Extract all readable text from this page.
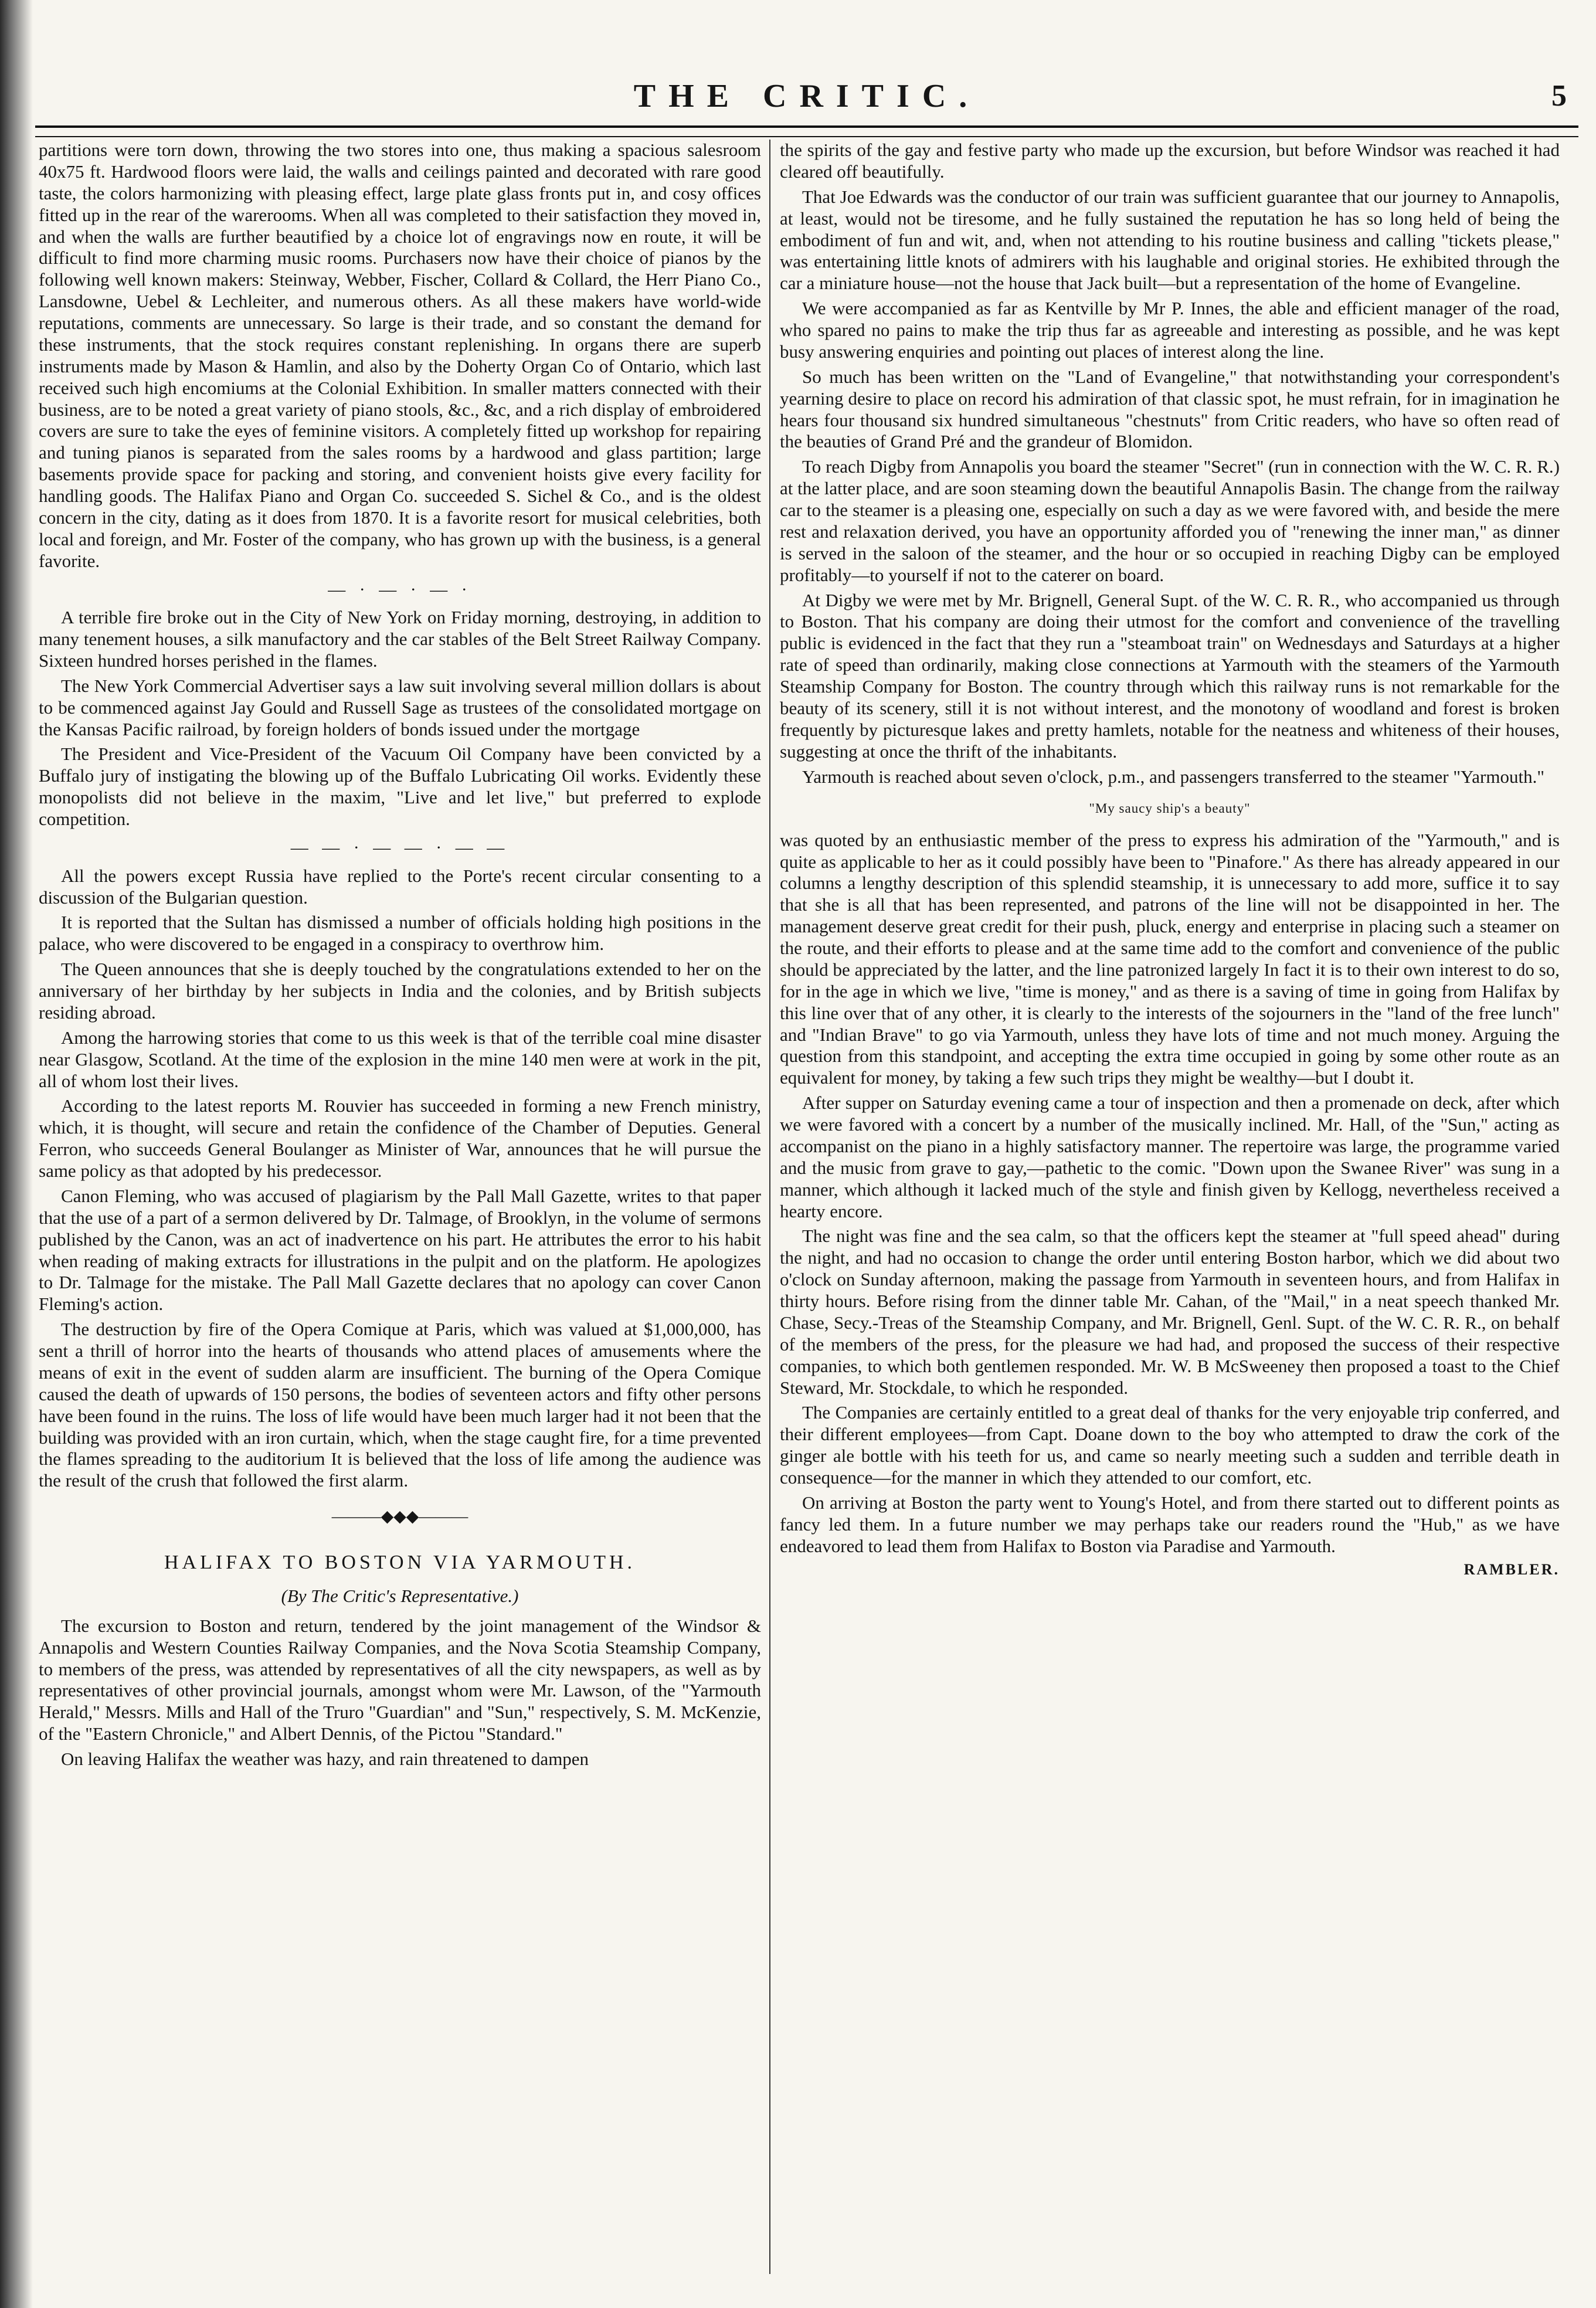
THE CRITIC.	5

partitions were torn down, throwing the two stores into one, thus making a spacious salesroom 40x75 ft. Hardwood floors were laid, the walls and ceilings painted and decorated with rare good taste, the colors harmonizing with pleasing effect, large plate glass fronts put in, and cosy offices fitted up in the rear of the warerooms. When all was completed to their satisfaction they moved in, and when the walls are further beautified by a choice lot of engravings now en route, it will be difficult to find more charming music rooms. Purchasers now have their choice of pianos by the following well known makers: Steinway, Webber, Fischer, Collard & Collard, the Herr Piano Co., Lansdowne, Uebel & Lechleiter, and numerous others. As all these makers have world-wide reputations, comments are unnecessary. So large is their trade, and so constant the demand for these instruments, that the stock requires constant replenishing. In organs there are superb instruments made by Mason & Hamlin, and also by the Doherty Organ Co of Ontario, which last received such high encomiums at the Colonial Exhibition. In smaller matters connected with their business, are to be noted a great variety of piano stools, &c., &c, and a rich display of embroidered covers are sure to take the eyes of feminine visitors. A completely fitted up workshop for repairing and tuning pianos is separated from the sales rooms by a hardwood and glass partition; large basements provide space for packing and storing, and convenient hoists give every facility for handling goods. The Halifax Piano and Organ Co. succeeded S. Sichel & Co., and is the oldest concern in the city, dating as it does from 1870. It is a favorite resort for musical celebrities, both local and foreign, and Mr. Foster of the company, who has grown up with the business, is a general favorite.

— · — · — ·

A terrible fire broke out in the City of New York on Friday morning, destroying, in addition to many tenement houses, a silk manufactory and the car stables of the Belt Street Railway Company. Sixteen hundred horses perished in the flames.

The New York Commercial Advertiser says a law suit involving several million dollars is about to be commenced against Jay Gould and Russell Sage as trustees of the consolidated mortgage on the Kansas Pacific railroad, by foreign holders of bonds issued under the mortgage

The President and Vice-President of the Vacuum Oil Company have been convicted by a Buffalo jury of instigating the blowing up of the Buffalo Lubricating Oil works. Evidently these monopolists did not believe in the maxim, "Live and let live," but preferred to explode competition.

— — · — — · — —

All the powers except Russia have replied to the Porte's recent circular consenting to a discussion of the Bulgarian question.

It is reported that the Sultan has dismissed a number of officials holding high positions in the palace, who were discovered to be engaged in a conspiracy to overthrow him.

The Queen announces that she is deeply touched by the congratulations extended to her on the anniversary of her birthday by her subjects in India and the colonies, and by British subjects residing abroad.

Among the harrowing stories that come to us this week is that of the terrible coal mine disaster near Glasgow, Scotland. At the time of the explosion in the mine 140 men were at work in the pit, all of whom lost their lives.

According to the latest reports M. Rouvier has succeeded in forming a new French ministry, which, it is thought, will secure and retain the confidence of the Chamber of Deputies. General Ferron, who succeeds General Boulanger as Minister of War, announces that he will pursue the same policy as that adopted by his predecessor.

Canon Fleming, who was accused of plagiarism by the Pall Mall Gazette, writes to that paper that the use of a part of a sermon delivered by Dr. Talmage, of Brooklyn, in the volume of sermons published by the Canon, was an act of inadvertence on his part. He attributes the error to his habit when reading of making extracts for illustrations in the pulpit and on the platform. He apologizes to Dr. Talmage for the mistake. The Pall Mall Gazette declares that no apology can cover Canon Fleming's action.

The destruction by fire of the Opera Comique at Paris, which was valued at $1,000,000, has sent a thrill of horror into the hearts of thousands who attend places of amusements where the means of exit in the event of sudden alarm are insufficient. The burning of the Opera Comique caused the death of upwards of 150 persons, the bodies of seventeen actors and fifty other persons have been found in the ruins. The loss of life would have been much larger had it not been that the building was provided with an iron curtain, which, when the stage caught fire, for a time prevented the flames spreading to the auditorium It is believed that the loss of life among the audience was the result of the crush that followed the first alarm.

———◆◆◆———
HALIFAX TO BOSTON VIA YARMOUTH.
(By The Critic's Representative.)

The excursion to Boston and return, tendered by the joint management of the Windsor & Annapolis and Western Counties Railway Companies, and the Nova Scotia Steamship Company, to members of the press, was attended by representatives of all the city newspapers, as well as by representatives of other provincial journals, amongst whom were Mr. Lawson, of the "Yarmouth Herald," Messrs. Mills and Hall of the Truro "Guardian" and "Sun," respectively, S. M. McKenzie, of the "Eastern Chronicle," and Albert Dennis, of the Pictou "Standard."

On leaving Halifax the weather was hazy, and rain threatened to dampen

the spirits of the gay and festive party who made up the excursion, but before Windsor was reached it had cleared off beautifully.

That Joe Edwards was the conductor of our train was sufficient guarantee that our journey to Annapolis, at least, would not be tiresome, and he fully sustained the reputation he has so long held of being the embodiment of fun and wit, and, when not attending to his routine business and calling "tickets please," was entertaining little knots of admirers with his laughable and original stories. He exhibited through the car a miniature house—not the house that Jack built—but a representation of the home of Evangeline.

We were accompanied as far as Kentville by Mr P. Innes, the able and efficient manager of the road, who spared no pains to make the trip thus far as agreeable and interesting as possible, and he was kept busy answering enquiries and pointing out places of interest along the line.

So much has been written on the "Land of Evangeline," that notwithstanding your correspondent's yearning desire to place on record his admiration of that classic spot, he must refrain, for in imagination he hears four thousand six hundred simultaneous "chestnuts" from Critic readers, who have so often read of the beauties of Grand Pré and the grandeur of Blomidon.

To reach Digby from Annapolis you board the steamer "Secret" (run in connection with the W. C. R. R.) at the latter place, and are soon steaming down the beautiful Annapolis Basin. The change from the railway car to the steamer is a pleasing one, especially on such a day as we were favored with, and beside the mere rest and relaxation derived, you have an opportunity afforded you of "renewing the inner man," as dinner is served in the saloon of the steamer, and the hour or so occupied in reaching Digby can be employed profitably—to yourself if not to the caterer on board.

At Digby we were met by Mr. Brignell, General Supt. of the W. C. R. R., who accompanied us through to Boston. That his company are doing their utmost for the comfort and convenience of the travelling public is evidenced in the fact that they run a "steamboat train" on Wednesdays and Saturdays at a higher rate of speed than ordinarily, making close connections at Yarmouth with the steamers of the Yarmouth Steamship Company for Boston. The country through which this railway runs is not remarkable for the beauty of its scenery, still it is not without interest, and the monotony of woodland and forest is broken frequently by picturesque lakes and pretty hamlets, notable for the neatness and whiteness of their houses, suggesting at once the thrift of the inhabitants.

Yarmouth is reached about seven o'clock, p.m., and passengers transferred to the steamer "Yarmouth."

"My saucy ship's a beauty"

was quoted by an enthusiastic member of the press to express his admiration of the "Yarmouth," and is quite as applicable to her as it could possibly have been to "Pinafore." As there has already appeared in our columns a lengthy description of this splendid steamship, it is unnecessary to add more, suffice it to say that she is all that has been represented, and patrons of the line will not be disappointed in her. The management deserve great credit for their push, pluck, energy and enterprise in placing such a steamer on the route, and their efforts to please and at the same time add to the comfort and convenience of the public should be appreciated by the latter, and the line patronized largely In fact it is to their own interest to do so, for in the age in which we live, "time is money," and as there is a saving of time in going from Halifax by this line over that of any other, it is clearly to the interests of the sojourners in the "land of the free lunch" and "Indian Brave" to go via Yarmouth, unless they have lots of time and not much money. Arguing the question from this standpoint, and accepting the extra time occupied in going by some other route as an equivalent for money, by taking a few such trips they might be wealthy—but I doubt it.

After supper on Saturday evening came a tour of inspection and then a promenade on deck, after which we were favored with a concert by a number of the musically inclined. Mr. Hall, of the "Sun," acting as accompanist on the piano in a highly satisfactory manner. The repertoire was large, the programme varied and the music from grave to gay,—pathetic to the comic. "Down upon the Swanee River" was sung in a manner, which although it lacked much of the style and finish given by Kellogg, nevertheless received a hearty encore.

The night was fine and the sea calm, so that the officers kept the steamer at "full speed ahead" during the night, and had no occasion to change the order until entering Boston harbor, which we did about two o'clock on Sunday afternoon, making the passage from Yarmouth in seventeen hours, and from Halifax in thirty hours. Before rising from the dinner table Mr. Cahan, of the "Mail," in a neat speech thanked Mr. Chase, Secy.-Treas of the Steamship Company, and Mr. Brignell, Genl. Supt. of the W. C. R. R., on behalf of the members of the press, for the pleasure we had had, and proposed the success of their respective companies, to which both gentlemen responded. Mr. W. B McSweeney then proposed a toast to the Chief Steward, Mr. Stockdale, to which he responded.

The Companies are certainly entitled to a great deal of thanks for the very enjoyable trip conferred, and their different employees—from Capt. Doane down to the boy who attempted to draw the cork of the ginger ale bottle with his teeth for us, and came so nearly meeting such a sudden and terrible death in consequence—for the manner in which they attended to our comfort, etc.

On arriving at Boston the party went to Young's Hotel, and from there started out to different points as fancy led them. In a future number we may perhaps take our readers round the "Hub," as we have endeavored to lead them from Halifax to Boston via Paradise and Yarmouth.

RAMBLER.
